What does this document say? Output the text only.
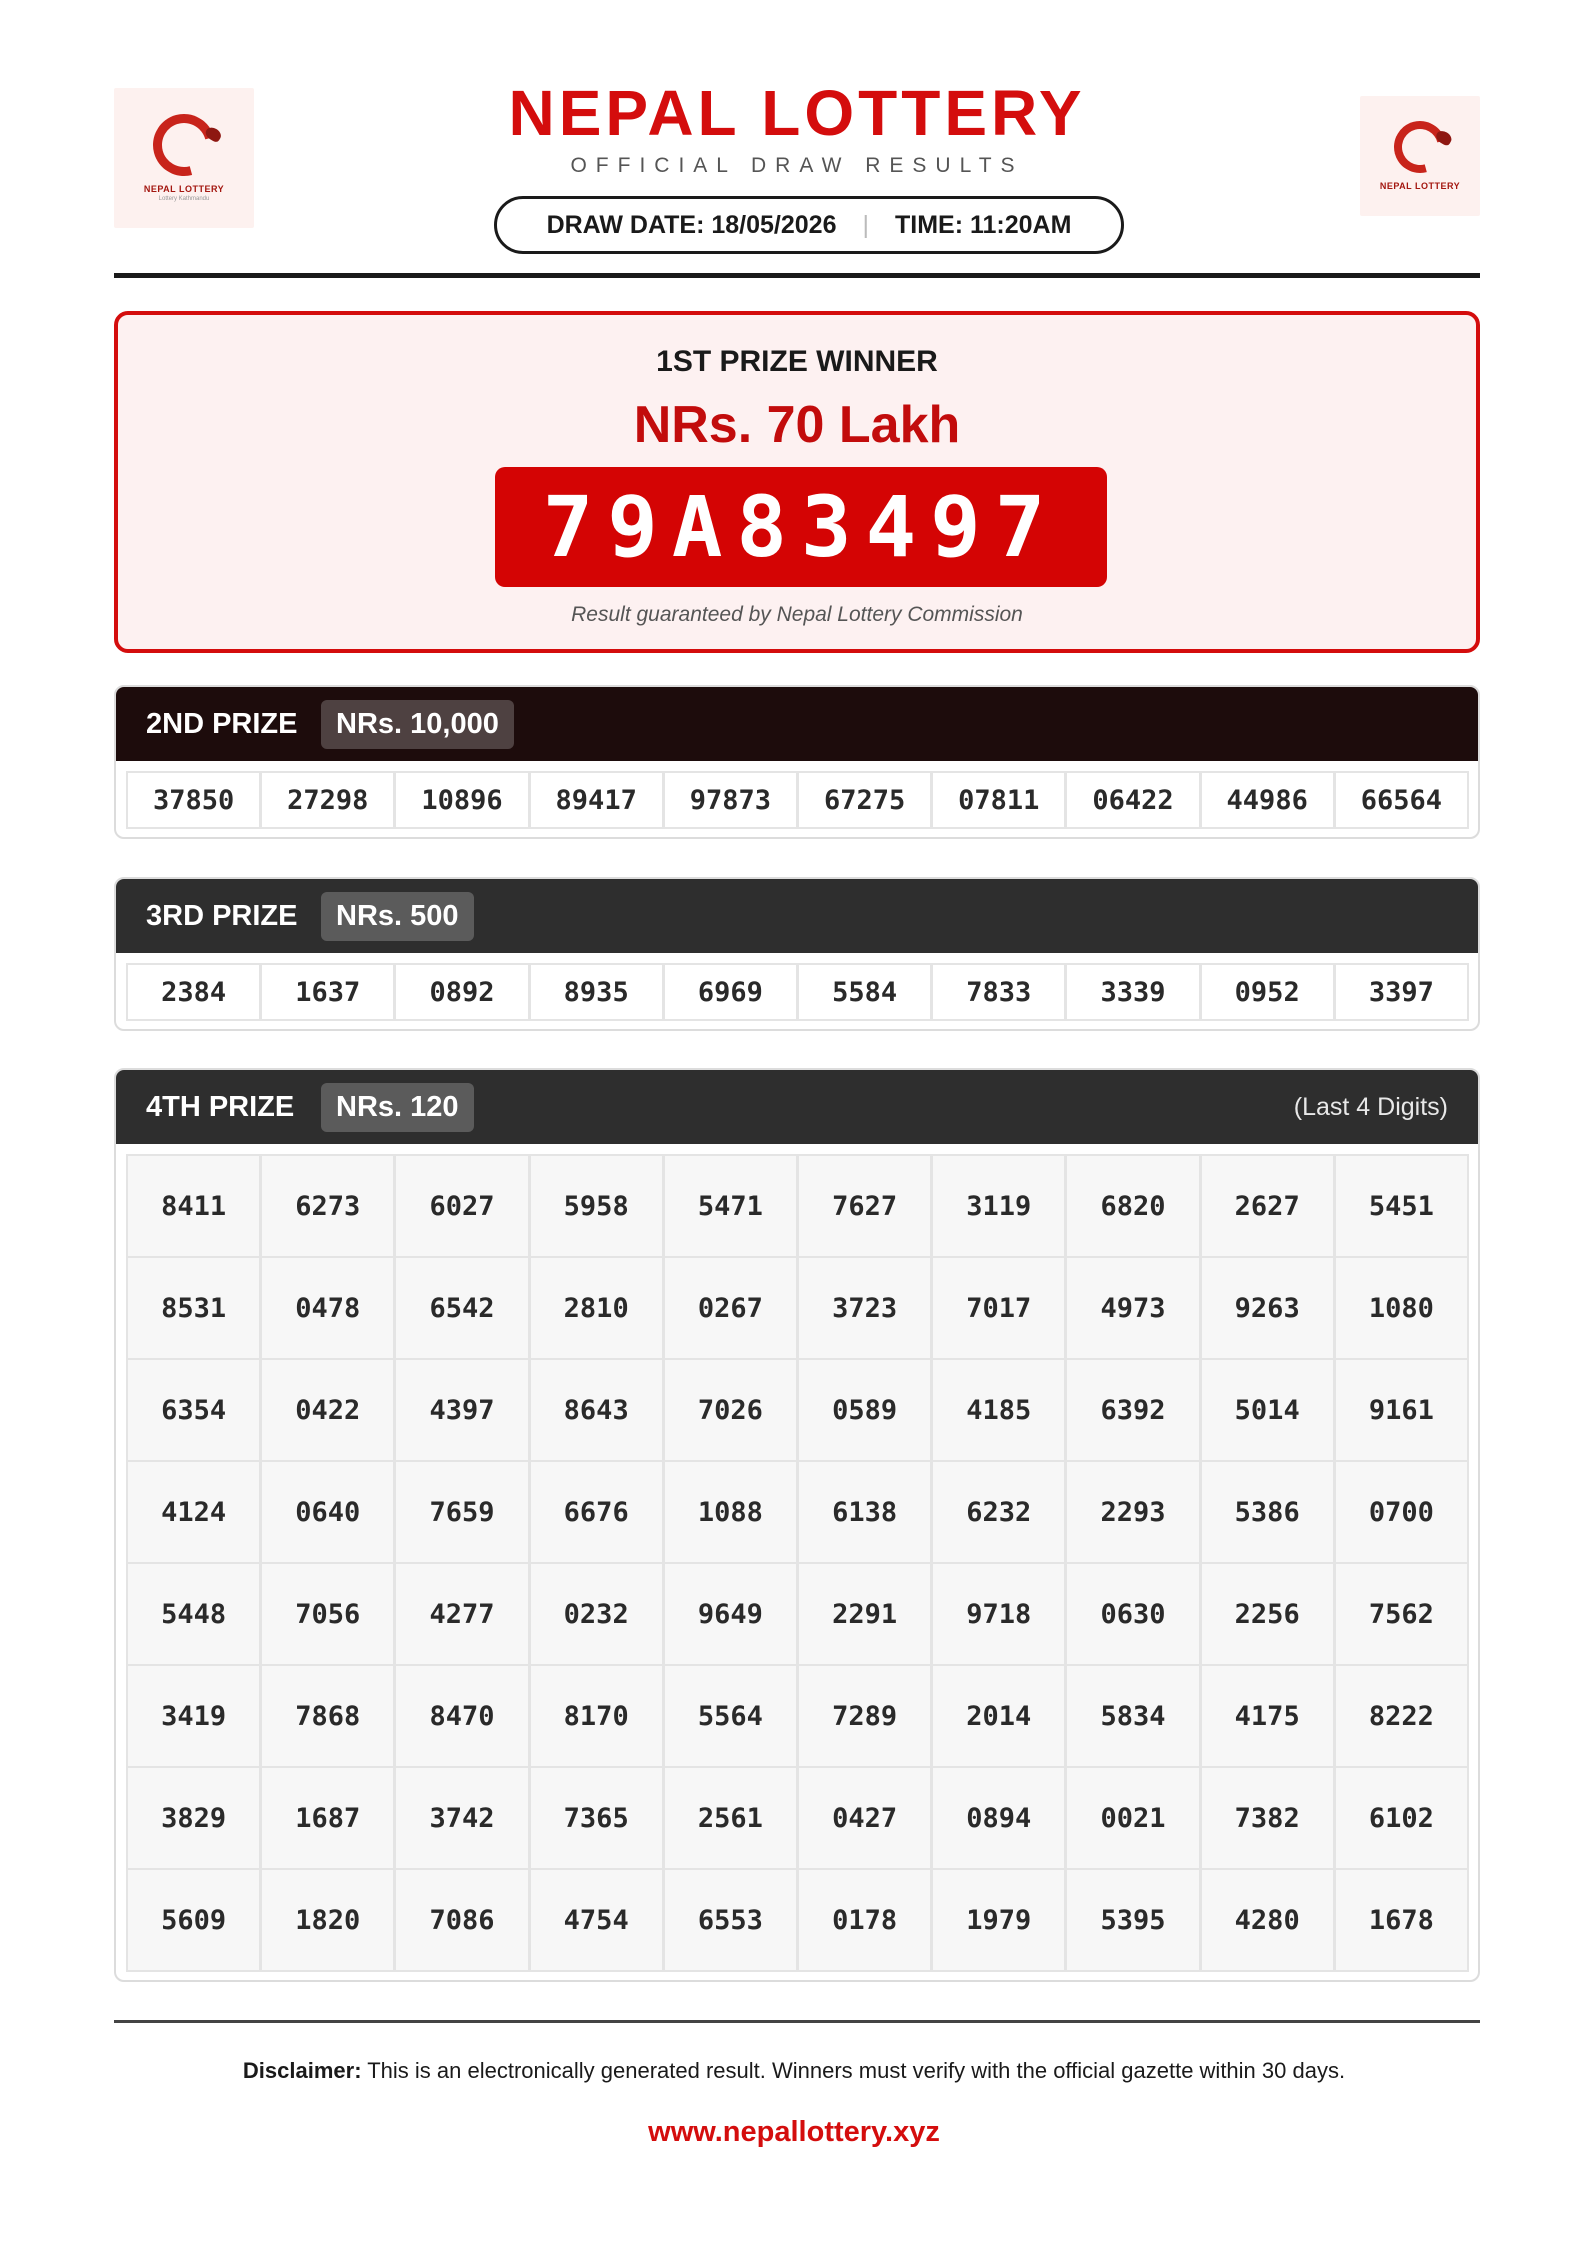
NEPAL LOTTERY
Lottery Kathmandu
NEPAL LOTTERY
OFFICIAL DRAW RESULTS
DRAW DATE: 18/05/2026 | TIME: 11:20AM
NEPAL LOTTERY
1ST PRIZE WINNER
NRs. 70 Lakh
79A83497
Result guaranteed by Nepal Lottery Commission
2ND PRIZE	NRs. 10,000
37850	27298	10896	89417	97873	67275	07811	06422	44986	66564
3RD PRIZE	NRs. 500
2384	1637	0892	8935	6969	5584	7833	3339	0952	3397
4TH PRIZE	NRs. 120	(Last 4 Digits)
8411	6273	6027	5958	5471	7627	3119	6820	2627	5451
8531	0478	6542	2810	0267	3723	7017	4973	9263	1080
6354	0422	4397	8643	7026	0589	4185	6392	5014	9161
4124	0640	7659	6676	1088	6138	6232	2293	5386	0700
5448	7056	4277	0232	9649	2291	9718	0630	2256	7562
3419	7868	8470	8170	5564	7289	2014	5834	4175	8222
3829	1687	3742	7365	2561	0427	0894	0021	7382	6102
5609	1820	7086	4754	6553	0178	1979	5395	4280	1678
Disclaimer: This is an electronically generated result. Winners must verify with the official gazette within 30 days.
www.nepallottery.xyz
